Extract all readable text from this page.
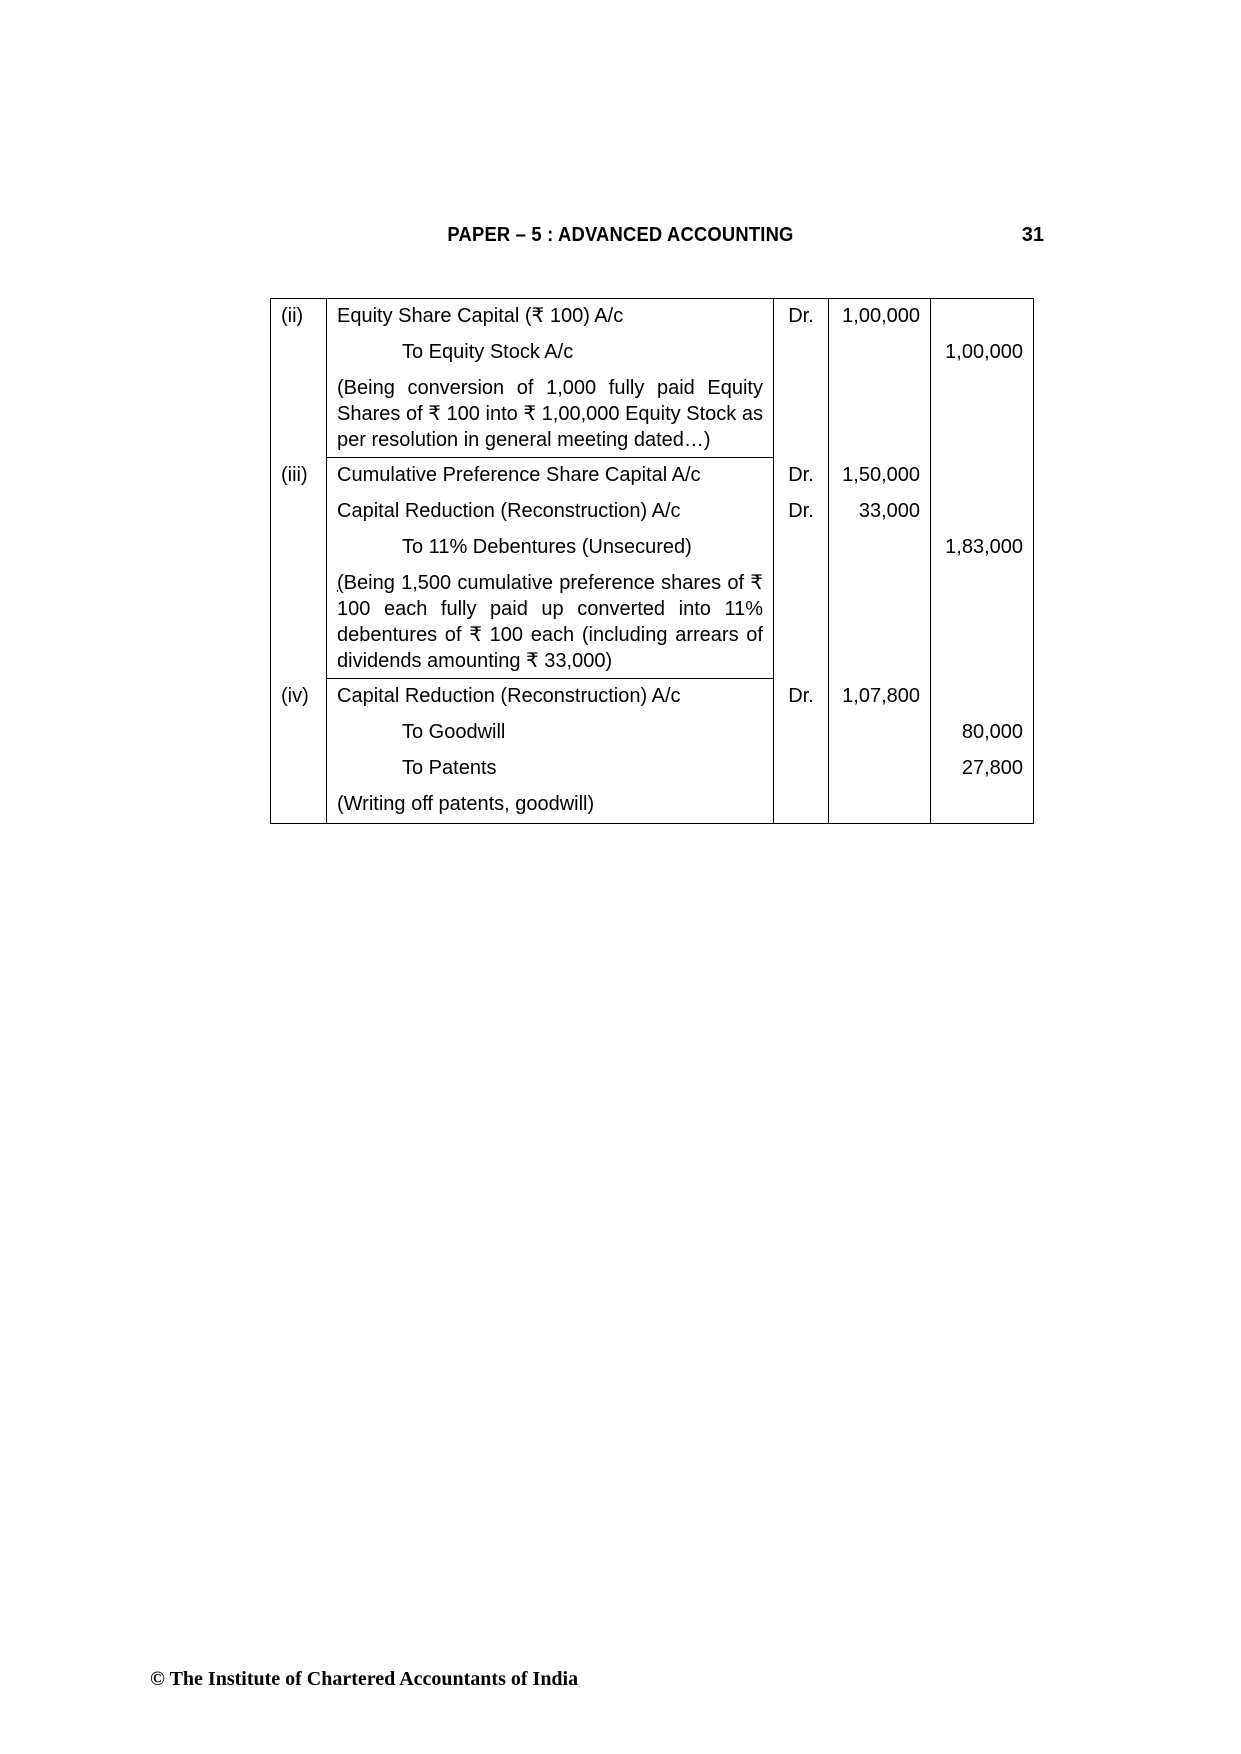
PAPER – 5 : ADVANCED ACCOUNTING	31
(ii)	Equity Share Capital (₹ 100) A/c	Dr.	1,00,000	
	To Equity Stock A/c			1,00,000
	(Being conversion of 1,000 fully paid Equity Shares of ₹ 100 into ₹ 1,00,000 Equity Stock as per resolution in general meeting dated…)			
(iii)	Cumulative Preference Share Capital A/c	Dr.	1,50,000	
	Capital Reduction (Reconstruction) A/c	Dr.	33,000	
	To 11% Debentures (Unsecured)			1,83,000
	(Being 1,500 cumulative preference shares of ₹ 100 each fully paid up converted into 11% debentures of ₹ 100 each (including arrears of dividends amounting ₹ 33,000)			
(iv)	Capital Reduction (Reconstruction) A/c	Dr.	1,07,800	
	To Goodwill			80,000
	To Patents			27,800
	(Writing off patents, goodwill)			
© The Institute of Chartered Accountants of India
